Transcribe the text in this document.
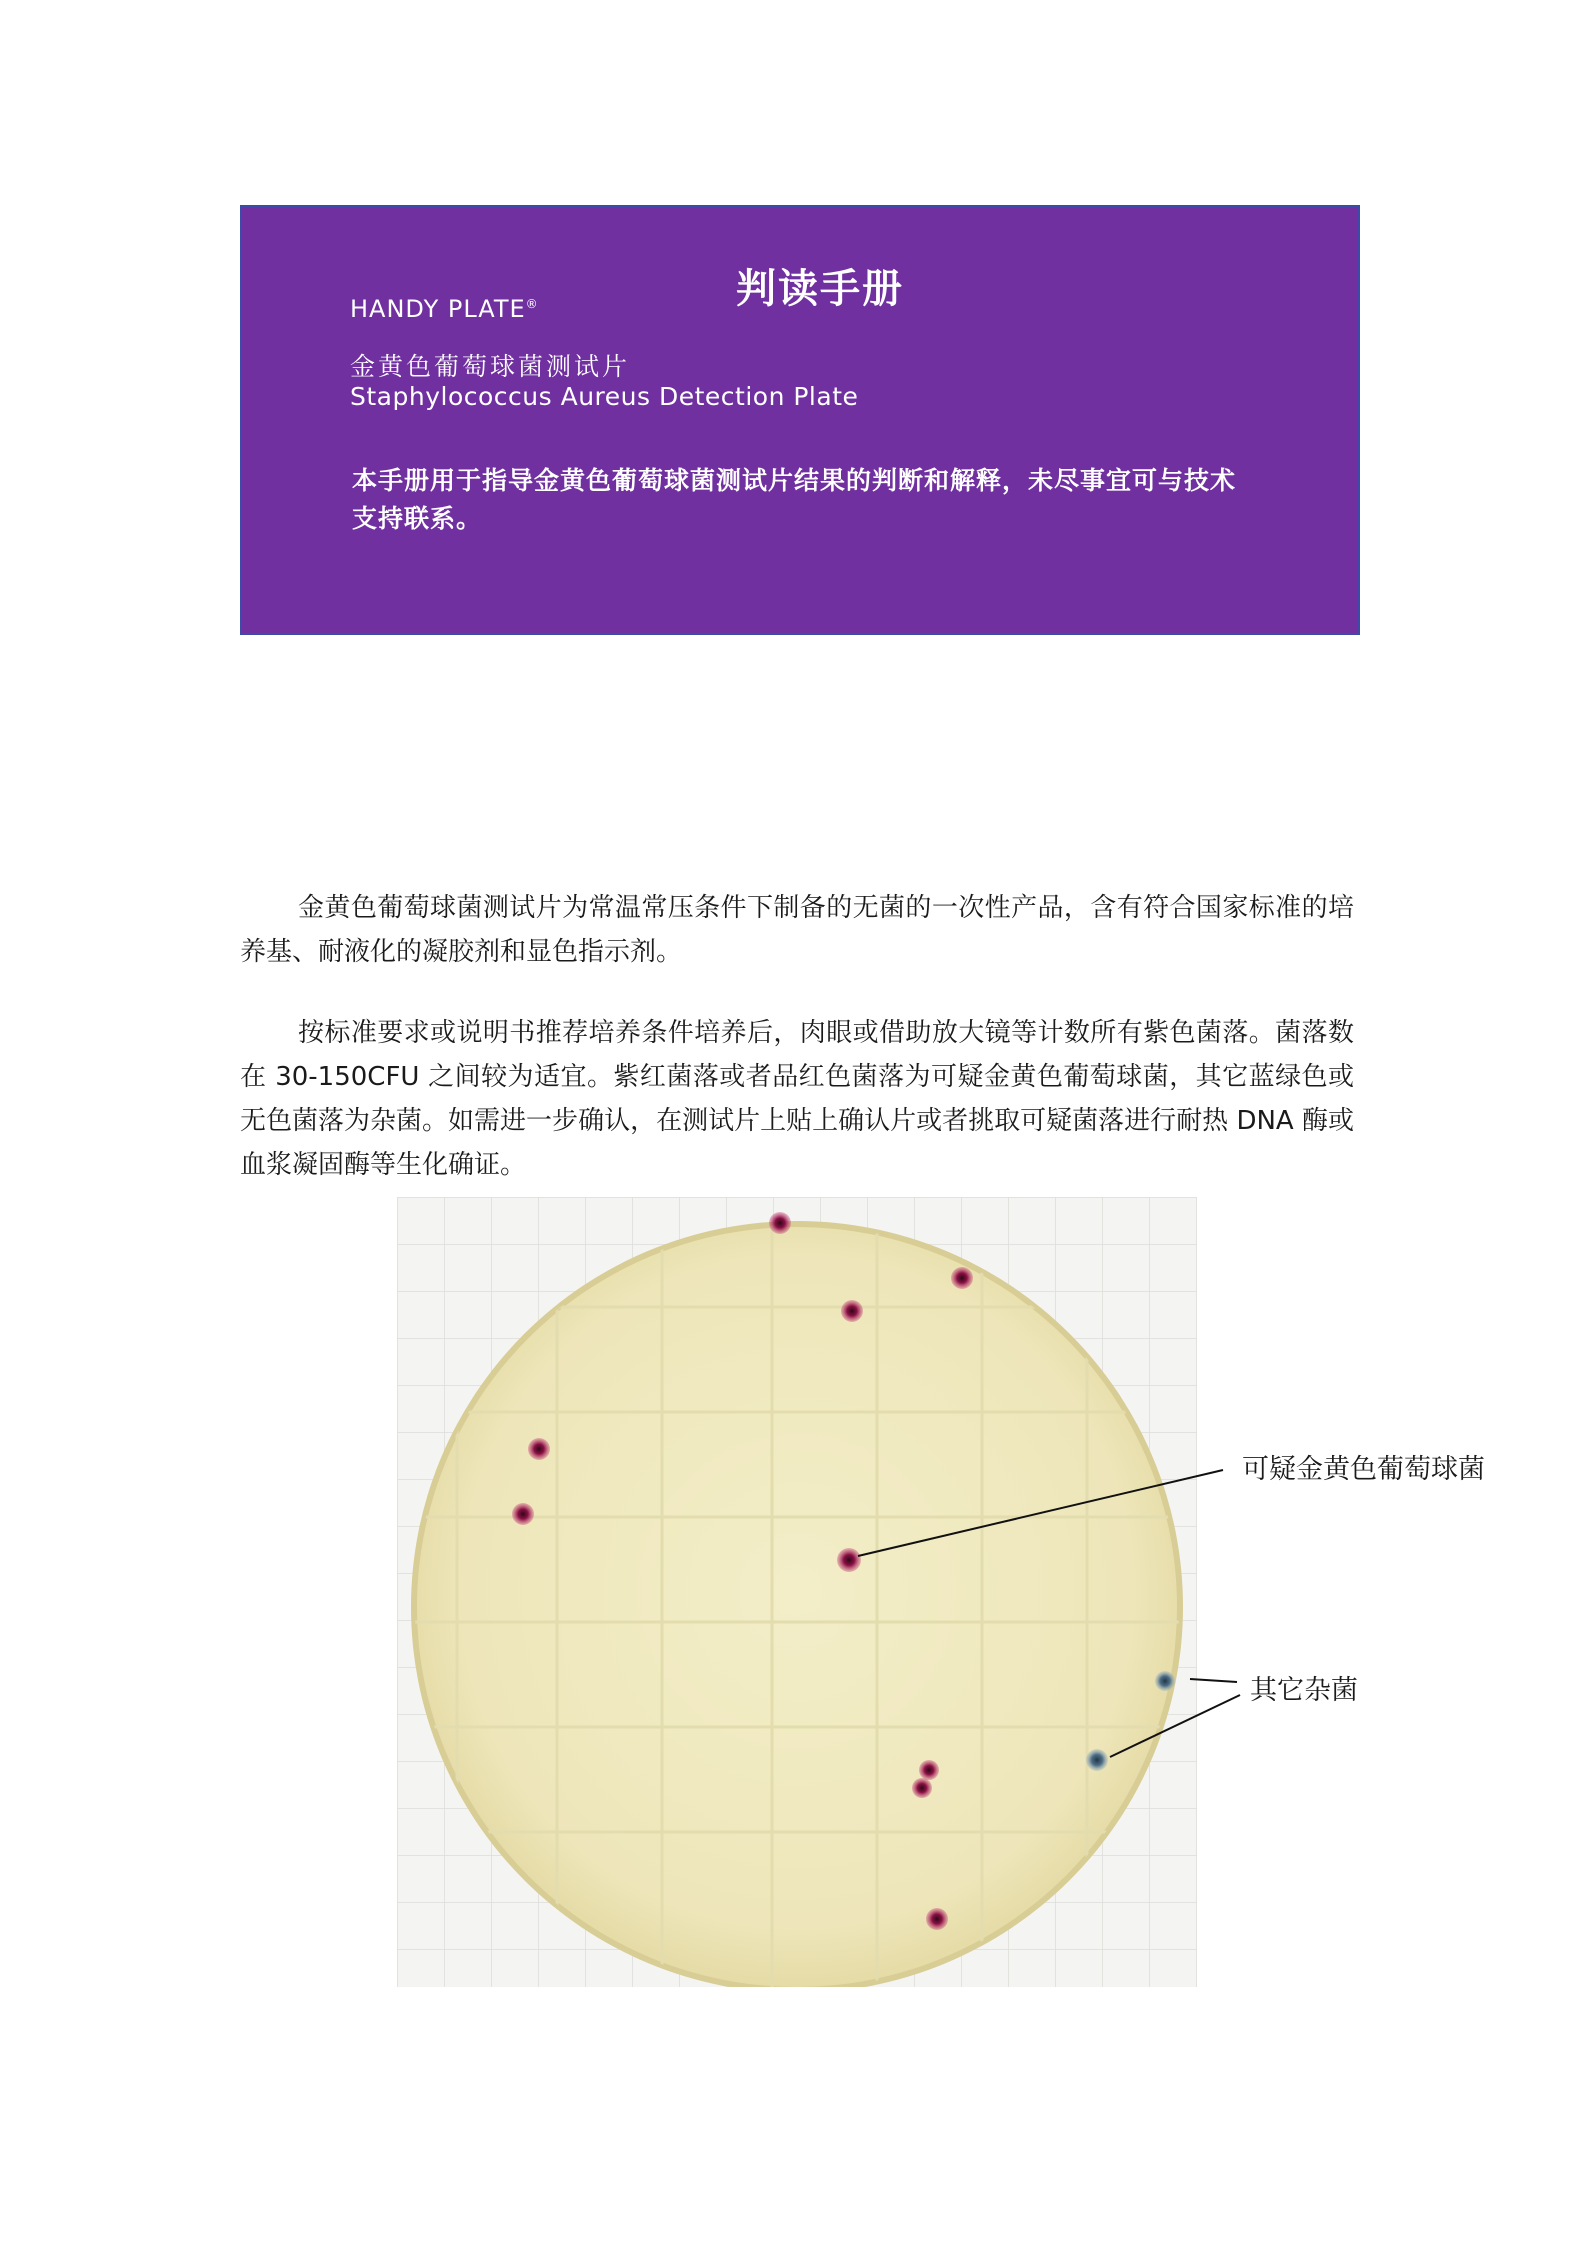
判读手册
HANDY PLATE®
金黄色葡萄球菌测试片
Staphylococcus Aureus Detection Plate
本手册用于指导金黄色葡萄球菌测试片结果的判断和解释，未尽事宜可与技术支持联系。

金黄色葡萄球菌测试片为常温常压条件下制备的无菌的一次性产品，含有符合国家标准的培养基、耐液化的凝胶剂和显色指示剂。

按标准要求或说明书推荐培养条件培养后，肉眼或借助放大镜等计数所有紫色菌落。菌落数在 30-150CFU 之间较为适宜。紫红菌落或者品红色菌落为可疑金黄色葡萄球菌，其它蓝绿色或无色菌落为杂菌。如需进一步确认，在测试片上贴上确认片或者挑取可疑菌落进行耐热 DNA 酶或血浆凝固酶等生化确证。

可疑金黄色葡萄球菌
其它杂菌
